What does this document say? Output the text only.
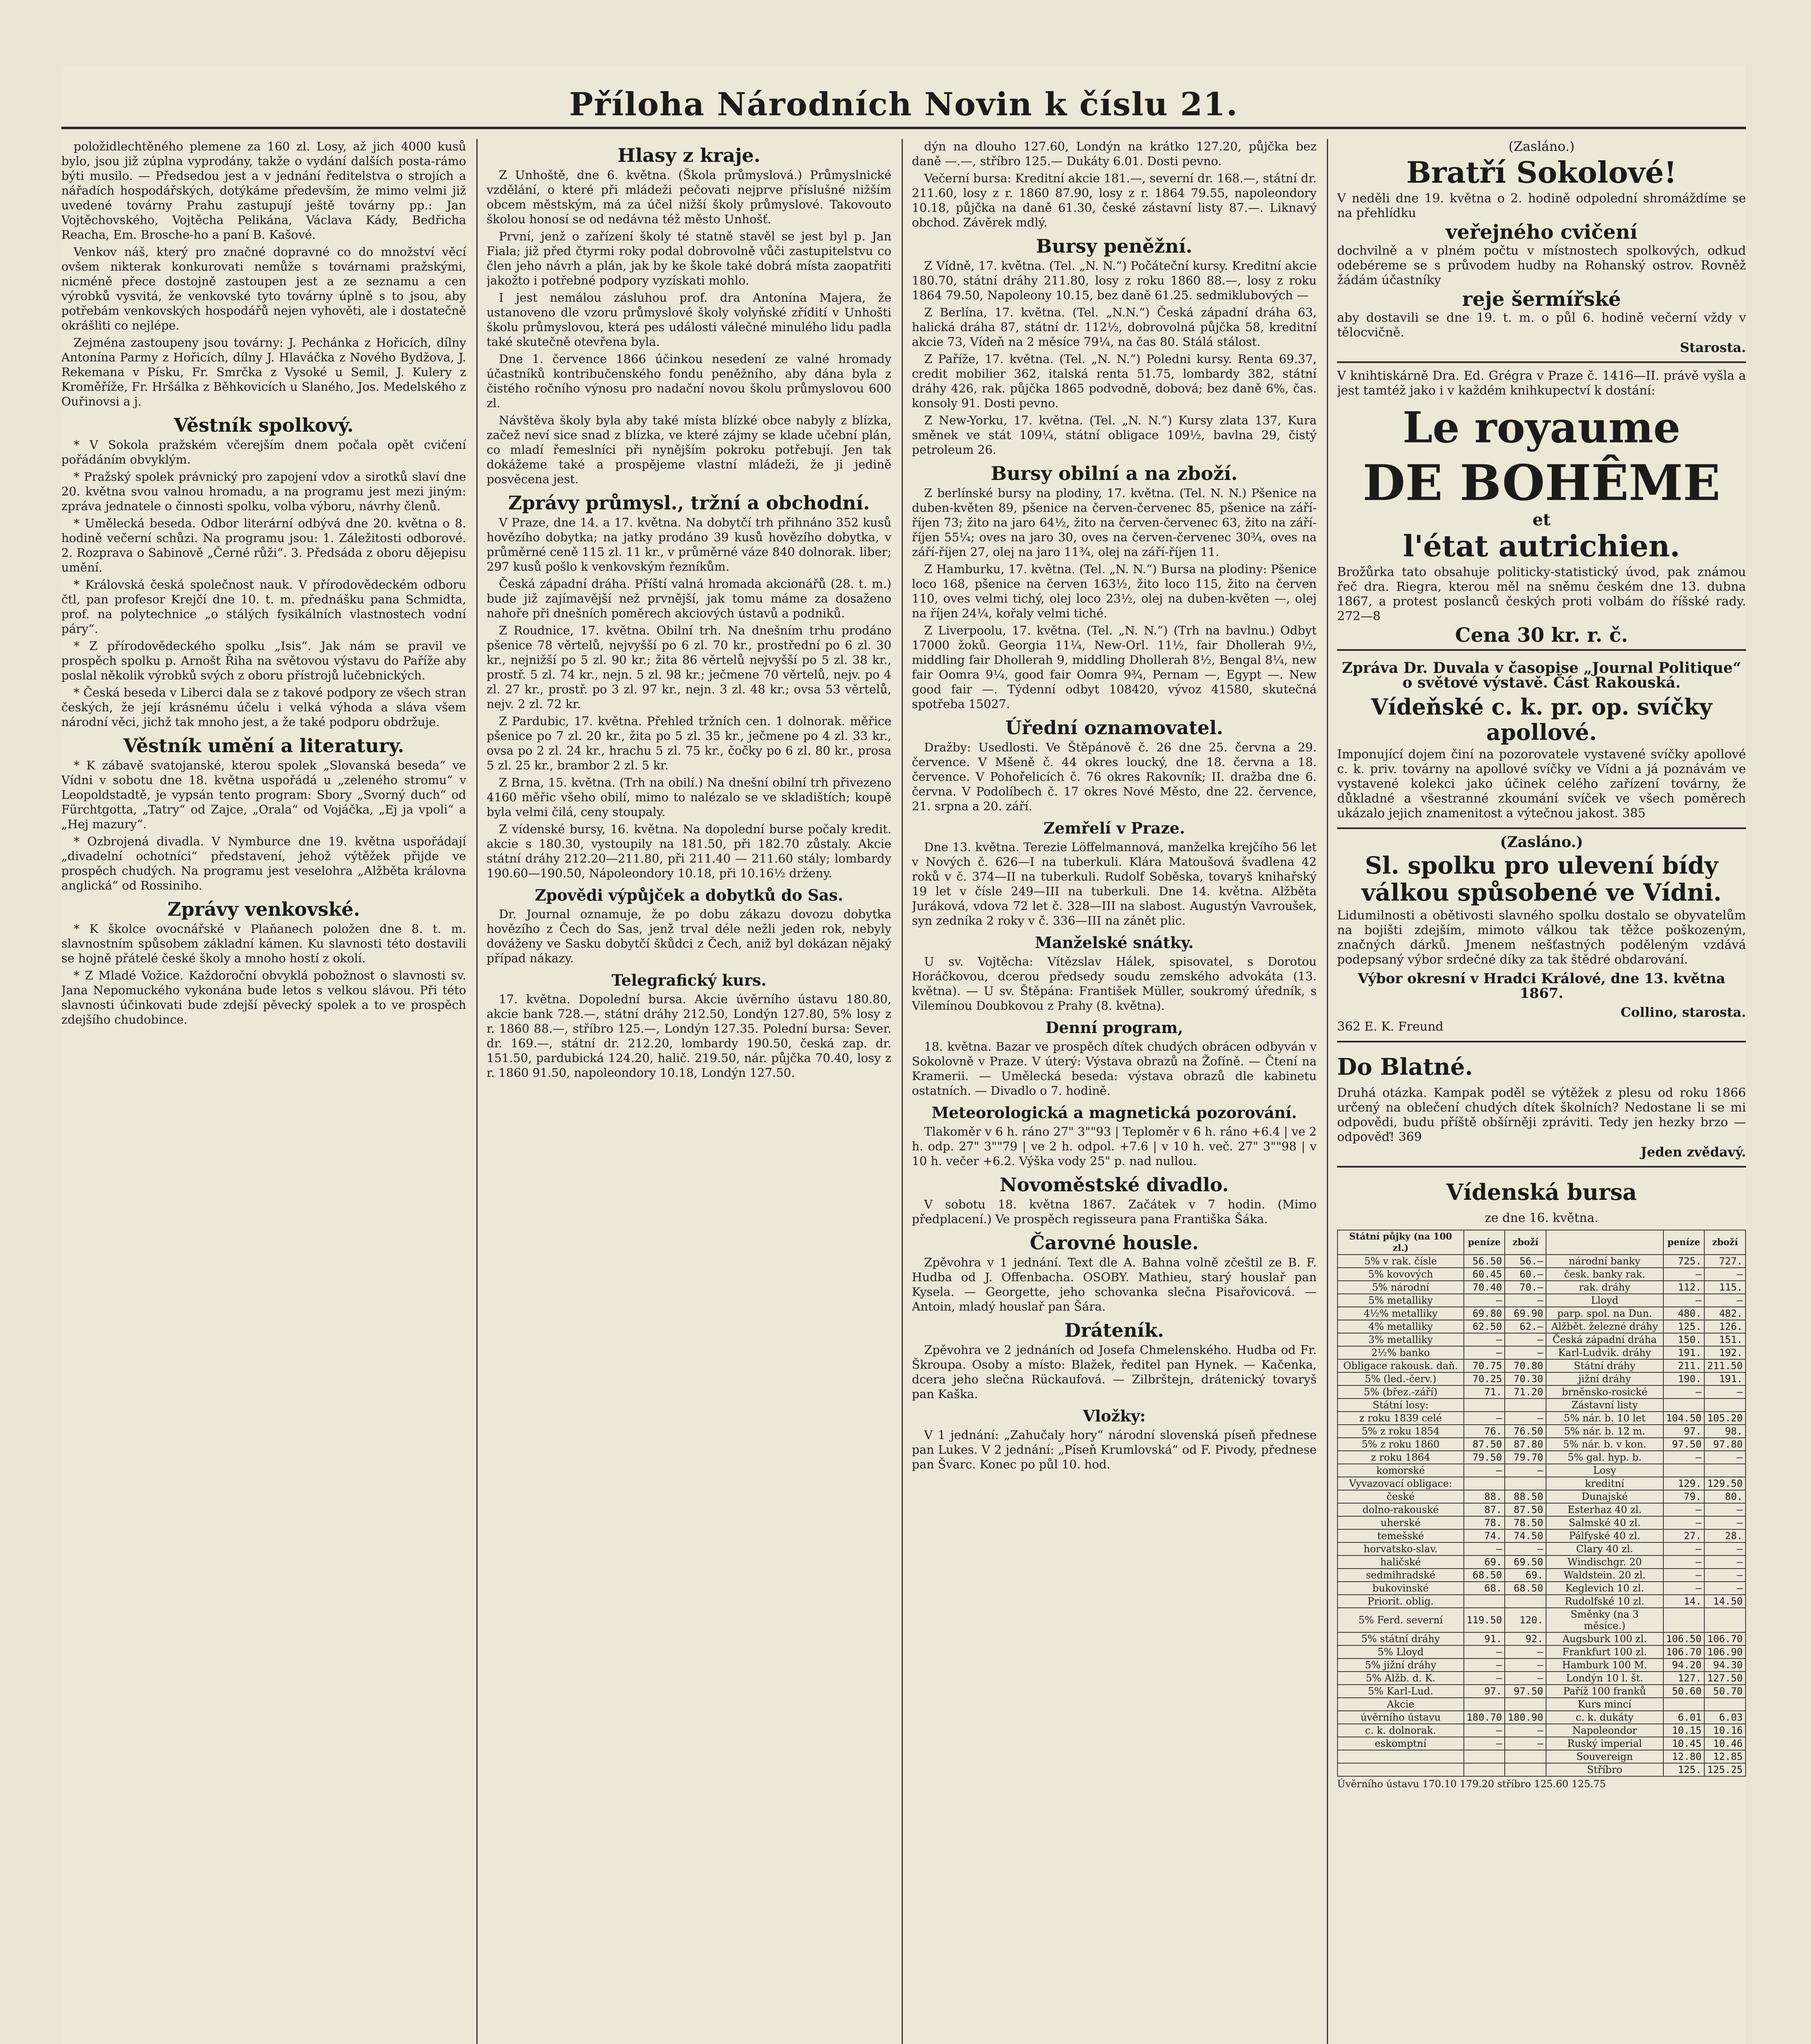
Příloha Národních Novin k číslu 21.

položidlechtěného plemene za 160 zl. Losy, až jich 4000 kusů bylo, jsou již zúplna vyprodány, takže o vydání dalších posta-rámo býti musilo. — Předsedou jest a v jednání ředitelstva o strojích a nářadích hospodářských, dotýkáme především, že mimo velmi již uvedené továrny Prahu zastupují ještě továrny pp.: Jan Vojtěchovského, Vojtěcha Pelikána, Václava Kády, Bedřicha Reacha, Em. Brosche-ho a paní B. Kašové.

Venkov náš, který pro značné dopravné co do množství věcí ovšem nikterak konkurovati nemůže s továrnami pražskými, nicméně přece dostojně zastoupen jest a ze seznamu a cen výrobků vysvitá, že venkovské tyto továrny úplně s to jsou, aby potřebám venkovských hospodářů nejen vyhověti, ale i dostatečně okrášliti co nejlépe.

Zejména zastoupeny jsou továrny: J. Pechánka z Hořicích, dílny Antonína Parmy z Hořicích, dílny J. Hlaváčka z Nového Bydžova, J. Rekemana v Písku, Fr. Smrčka z Vysoké u Semil, J. Kulery z Kroměříže, Fr. Hršálka z Běhkovicích u Slaného, Jos. Medelského z Ouřinovsi a j.

Věstník spolkový.

* V Sokola pražském včerejším dnem počala opět cvičení pořádáním obvyklým.

* Pražský spolek právnický pro zapojení vdov a sirotků slaví dne 20. května svou valnou hromadu, a na programu jest mezi jiným: zpráva jednatele o činnosti spolku, volba výboru, návrhy členů.

* Umělecká beseda. Odbor literární odbývá dne 20. května o 8. hodině večerní schůzi. Na programu jsou: 1. Záležitosti odborové. 2. Rozprava o Sabinově „Černé růži“. 3. Předsáda z oboru dějepisu umění.

* Královská česká společnost nauk. V přírodovědeckém odboru čtl, pan profesor Krejčí dne 10. t. m. přednášku pana Schmidta, prof. na polytechnice „o stálých fysikálních vlastnostech vodní páry“.

* Z přírodovědeckého spolku „Isis“. Jak nám se pravil ve prospěch spolku p. Arnošt Řiha na světovou výstavu do Paříže aby poslal několik výrobků svých z oboru přístrojů lučebnických.

* Česká beseda v Liberci dala se z takové podpory ze všech stran českých, že její krásnému účelu i velká výhoda a sláva všem národní věci, jichž tak mnoho jest, a že také podporu obdržuje.

Věstník umění a literatury.

* K zábavě svatojanské, kterou spolek „Slovanská beseda“ ve Vídni v sobotu dne 18. května uspořádá u „zeleného stromu“ v Leopoldstadtě, je vypsán tento program: Sbory „Svorný duch“ od Fürchtgotta, „Tatry“ od Zajce, „Orala“ od Vojáčka, „Ej ja vpoli“ a „Hej mazury“.

* Ozbrojená divadla. V Nymburce dne 19. května uspořádají „divadelní ochotníci“ představení, jehož výtěžek přijde ve prospěch chudých. Na programu jest veselohra „Alžběta královna anglická“ od Rossiniho.

Zprávy venkovské.

* K školce ovocnářské v Plaňanech položen dne 8. t. m. slavnostním spůsobem základní kámen. Ku slavnosti této dostavili se hojně přátelé české školy a mnoho hostí z okolí.

* Z Mladé Vožice. Každoroční obvyklá pobožnost o slavnosti sv. Jana Nepomuckého vykonána bude letos s velkou slávou. Při této slavnosti účinkovati bude zdejší pěvecký spolek a to ve prospěch zdejšího chudobince.

Hlasy z kraje.

Z Unhoště, dne 6. května. (Škola průmyslová.) Průmyslnické vzdělání, o které při mládeži pečovati nejprve příslušné nižším obcem městským, má za účel nižší školy průmyslové. Takovouto školou honosí se od nedávna též město Unhošť.

První, jenž o zařízení školy té statně stavěl se jest byl p. Jan Fiala; již před čtyrmi roky podal dobrovolně vůči zastupitelstvu co člen jeho návrh a plán, jak by ke škole také dobrá místa zaopatřiti jakožto i potřebné podpory vyzískati mohlo.

I jest nemálou zásluhou prof. dra Antonína Majera, že ustanoveno dle vzoru průmyslové školy volyňské zřídití v Unhošti školu průmyslovou, která pes události válečné minulého lidu padla také skutečně otevřena byla.

Dne 1. července 1866 účinkou nesedení ze valné hromady účastníků kontribučenského fondu peněžního, aby dána byla z čistého ročního výnosu pro nadační novou školu průmyslovou 600 zl.

Návštěva školy byla aby také místa blízké obce nabyly z blízka, začež neví sice snad z blízka, ve které zájmy se klade učební plán, co mladí řemeslníci při nynějším pokroku potřebují. Jen tak dokážeme také a prospějeme vlastní mládeži, že ji jedině posvěcena jest.

Zprávy průmysl., tržní a obchodní.

V Praze, dne 14. a 17. května. Na dobytčí trh přihnáno 352 kusů hovězího dobytka; na jatky prodáno 39 kusů hovězího dobytka, v průměrné ceně 115 zl. 11 kr., v průměrné váze 840 dolnorak. liber; 297 kusů pošlo k venkovským řezníkům.

Česká západní dráha. Příští valná hromada akcionářů (28. t. m.) bude již zajímavější než prvnější, jak tomu máme za dosaženo nahoře při dnešních poměrech akciových ústavů a podniků.

Z Roudnice, 17. května. Obilní trh. Na dnešním trhu prodáno pšenice 78 věrtelů, nejvyšší po 6 zl. 70 kr., prostřední po 6 zl. 30 kr., nejnižší po 5 zl. 90 kr.; žita 86 věrtelů nejvyšší po 5 zl. 38 kr., prostř. 5 zl. 74 kr., nejn. 5 zl. 98 kr.; ječmene 70 věrtelů, nejv. po 4 zl. 27 kr., prostř. po 3 zl. 97 kr., nejn. 3 zl. 48 kr.; ovsa 53 věrtelů, nejv. 2 zl. 72 kr.

Z Pardubic, 17. května. Přehled tržních cen. 1 dolnorak. měřice pšenice po 7 zl. 20 kr., žita po 5 zl. 35 kr., ječmene po 4 zl. 33 kr., ovsa po 2 zl. 24 kr., hrachu 5 zl. 75 kr., čočky po 6 zl. 80 kr., prosa 5 zl. 25 kr., brambor 2 zl. 5 kr.

Z Brna, 15. května. (Trh na obilí.) Na dnešní obilní trh přivezeno 4160 měřic všeho obilí, mimo to nalézalo se ve skladištích; koupě byla velmi čilá, ceny stoupaly.

Z vídenské bursy, 16. května. Na dopolední burse počaly kredit. akcie s 180.30, vystoupily na 181.50, při 182.70 zůstaly. Akcie státní dráhy 212.20—211.80, při 211.40 — 211.60 stály; lombardy 190.60—190.50, Nápoleondory 10.18, při 10.16½ drženy.

Zpovědi výpůjček a dobytků do Sas.

Dr. Journal oznamuje, že po dobu zákazu dovozu dobytka hovězího z Čech do Sas, jenž trval déle nežli jeden rok, nebyly dováženy ve Sasku dobytčí škůdci z Čech, aniž byl dokázan nějaký případ nákazy.

Telegrafický kurs.

17. května. Dopolední bursa. Akcie úvěrního ústavu 180.80, akcie bank 728.—, státní dráhy 212.50, Londýn 127.80, 5% losy z r. 1860 88.—, stříbro 125.—, Londýn 127.35. Polední bursa: Sever. dr. 169.—, státní dr. 212.20, lombardy 190.50, česká zap. dr. 151.50, pardubická 124.20, halič. 219.50, nár. půjčka 70.40, losy z r. 1860 91.50, napoleondory 10.18, Londýn 127.50.

dýn na dlouho 127.60, Londýn na krátko 127.20, půjčka bez daně —.—, stříbro 125.— Dukáty 6.01. Dosti pevno.

Večerní bursa: Kreditní akcie 181.—, severní dr. 168.—, státní dr. 211.60, losy z r. 1860 87.90, losy z r. 1864 79.55, napoleondory 10.18, půjčka na daně 61.30, české zástavní listy 87.—. Liknavý obchod. Závěrek mdlý.

Bursy peněžní.

Z Vídně, 17. května. (Tel. „N. N.“) Počáteční kursy. Kreditní akcie 180.70, státní dráhy 211.80, losy z roku 1860 88.—, losy z roku 1864 79.50, Napoleony 10.15, bez daně 61.25. sedmiklubových —

Z Berlína, 17. května. (Tel. „N.N.“) Česká západní dráha 63, halická dráha 87, státní dr. 112½, dobrovolná půjčka 58, kreditní akcie 73, Vídeň na 2 měsíce 79¼, na čas 80. Stálá stálost.

Z Paříže, 17. května. (Tel. „N. N.“) Poledni kursy. Renta 69.37, credit mobilier 362, italská renta 51.75, lombardy 382, státní dráhy 426, rak. půjčka 1865 podvodně, dobová; bez daně 6%, čas. konsoly 91. Dosti pevno.

Z New-Yorku, 17. května. (Tel. „N. N.“) Kursy zlata 137, Kura směnek ve stát 109¼, státní obligace 109½, bavlna 29, čistý petroleum 26.

Bursy obilní a na zboží.

Z berlínské bursy na plodiny, 17. května. (Tel. N. N.) Pšenice na duben-květen 89, pšenice na červen-červenec 85, pšenice na září-říjen 73; žito na jaro 64½, žito na červen-červenec 63, žito na září-říjen 55¼; oves na jaro 30, oves na červen-červenec 30¾, oves na září-říjen 27, olej na jaro 11¾, olej na září-říjen 11.

Z Hamburku, 17. května. (Tel. „N. N.“) Bursa na plodiny: Pšenice loco 168, pšenice na červen 163½, žito loco 115, žito na červen 110, oves velmi tichý, olej loco 23½, olej na duben-květen —, olej na říjen 24¼, kořaly velmi tiché.

Z Liverpoolu, 17. května. (Tel. „N. N.“) (Trh na bavlnu.) Odbyt 17000 žoků. Georgia 11¼, New-Orl. 11½, fair Dhollerah 9½, middling fair Dhollerah 9, middling Dhollerah 8½, Bengal 8¼, new fair Oomra 9¼, good fair Oomra 9¾, Pernam —, Egypt —. New good fair —. Týdenní odbyt 108420, vývoz 41580, skutečná spotřeba 15027.

Úřední oznamovatel.

Dražby: Usedlosti. Ve Štěpánově č. 26 dne 25. června a 29. července. V Mšeně č. 44 okres loucký, dne 18. června a 18. července. V Pohořelicích č. 76 okres Rakovník; II. dražba dne 6. června. V Podolíbech č. 17 okres Nové Město, dne 22. července, 21. srpna a 20. září.

Zemřelí v Praze.

Dne 13. května. Terezie Löffelmannová, manželka krejčího 56 let v Nových č. 626—I na tuberkuli. Klára Matoušová švadlena 42 roků v č. 374—II na tuberkuli. Rudolf Soběska, tovaryš knihařský 19 let v čísle 249—III na tuberkuli. Dne 14. května. Alžběta Juráková, vdova 72 let č. 328—III na slabost. Augustýn Vavroušek, syn zedníka 2 roky v č. 336—III na zánět plic.

Manželské snátky.

U sv. Vojtěcha: Vítězslav Hálek, spisovatel, s Dorotou Horáčkovou, dcerou předsedy soudu zemského advokáta (13. května). — U sv. Štěpána: František Müller, soukromý úředník, s Vilemínou Doubkovou z Prahy (8. května).

Denní program,

18. května. Bazar ve prospěch dítek chudých obrácen odbyván v Sokolovně v Praze. V úterý: Výstava obrazů na Žofíně. — Čtení na Kramerii. — Umělecká beseda: výstava obrazů dle kabinetu ostatních. — Divadlo o 7. hodině.

Meteorologická a magnetická pozorování.

Tlakoměr v 6 h. ráno 27" 3""93 | Teploměr v 6 h. ráno +6.4 | ve 2 h. odp. 27" 3""79 | ve 2 h. odpol. +7.6 | v 10 h. več. 27" 3""98 | v 10 h. večer +6.2. Výška vody 25" p. nad nullou.

Novoměstské divadlo.

V sobotu 18. května 1867. Začátek v 7 hodin. (Mimo předplacení.) Ve prospěch regisseura pana Františka Šáka.

Čarovné housle.

Zpěvohra v 1 jednání. Text dle A. Bahna volně zčeštil ze B. F. Hudba od J. Offenbacha. OSOBY. Mathieu, starý houslař pan Kysela. — Georgette, jeho schovanka slečna Pisařovicová. — Antoin, mladý houslař pan Šára.

Dráteník.

Zpěvohra ve 2 jednáních od Josefa Chmelenského. Hudba od Fr. Škroupa. Osoby a místo: Blažek, ředitel pan Hynek. — Kačenka, dcera jeho slečna Rückaufová. — Zilbrštejn, drátenický tovaryš pan Kaška.

Vložky:

V 1 jednání: „Zahučaly hory“ národní slovenská píseň přednese pan Lukes. V 2 jednání: „Píseň Krumlovská“ od F. Pivody, přednese pan Švarc. Konec po půl 10. hod.

(Zasláno.)
Bratří Sokolové!
V neděli dne 19. května o 2. hodině odpolední shromáždíme se na přehlídku
veřejného cvičení
dochvilně a v plném počtu v místnostech spolkových, odkud odebéreme se s průvodem hudby na Rohanský ostrov. Rovněž žádám účastníky
reje šermířské
aby dostavili se dne 19. t. m. o půl 6. hodině večerní vždy v tělocvičně.
Starosta.
V knihtiskárně Dra. Ed. Grégra v Praze č. 1416—II. právě vyšla a jest tamtéž jako i v každém knihkupectví k dostání:
Le royaume
DE BOHÊME
et
l'état autrichien.
Brožůrka tato obsahuje politicky-statistický úvod, pak známou řeč dra. Riegra, kterou měl na sněmu českém dne 13. dubna 1867, a protest poslanců českých proti volbám do říšské rady. 272—8
Cena 30 kr. r. č.
Zpráva Dr. Duvala v časopise „Journal Politique“ o světové výstavě. Část Rakouská.
Vídeňské c. k. pr. op. svíčky apollové.
Imponující dojem činí na pozorovatele vystavené svíčky apollové c. k. priv. továrny na apollové svíčky ve Vídni a já poznávám ve vystavené kolekci jako účinek celého zařízení továrny, že důkladné a všestranné zkoumání svíček ve všech poměrech ukázalo jejich znamenitost a výtečnou jakost. 385
(Zasláno.)
Sl. spolku pro ulevení bídy válkou spůsobené ve Vídni.
Lidumilnosti a obětivosti slavného spolku dostalo se obyvatelům na bojišti zdejším, mimoto válkou tak těžce poškozeným, značných dárků. Jmenem nešťastných poděleným vzdává podepsaný výbor srdečné díky za tak štědré obdarování.
Výbor okresní v Hradci Králové, dne 13. května 1867.
Collino, starosta.
362 E. K. Freund
Do Blatné.
Druhá otázka. Kampak poděl se výtěžek z plesu od roku 1866 určený na oblečení chudých dítek školních? Nedostane li se mi odpovědi, budu příště obšírněji zpráviti. Tedy jen hezky brzo — odpověď! 369
Jeden zvědavý.
Vídenská bursa
ze dne 16. května.
Státní půjky (na 100 zl.)	peníze	zboží		peníze	zboží
5% v rak. čísle	56.50	56.—	národní banky	725.	727.
5% kovových	60.45	60.—	česk. banky rak.	—	—
5% národní	70.40	70.—	rak. dráhy	112.	115.
5% metalliky	—	—	Lloyd	—	—
4½% metalliky	69.80	69.90	parp. spol. na Dun.	480.	482.
4% metalliky	62.50	62.—	Alžbět. železné dráhy	125.	126.
3% metalliky	—	—	Česká západní dráha	150.	151.
2½% banko	—	—	Karl-Ludvik. dráhy	191.	192.
Obligace rakousk. daň.	70.75	70.80	Státní dráhy	211.	211.50
5% (led.-červ.)	70.25	70.30	jižní dráhy	190.	191.
5% (břez.-září)	71.	71.20	brněnsko-rosické	—	—
Státní losy:			Zástavní listy		
z roku 1839 celé	—	—	5% nár. b. 10 let	104.50	105.20
5% z roku 1854	76.	76.50	5% nár. b. 12 m.	97.	98.
5% z roku 1860	87.50	87.80	5% nár. b. v kon.	97.50	97.80
z roku 1864	79.50	79.70	5% gal. hyp. b.	—	—
komorské	—	—	Losy		
Vyvazovací obligace:			kreditní	129.	129.50
české	88.	88.50	Dunajské	79.	80.
dolno-rakouské	87.	87.50	Esterhaz 40 zl.	—	—
uherské	78.	78.50	Salmské 40 zl.	—	—
temešské	74.	74.50	Pálfyské 40 zl.	27.	28.
horvatsko-slav.	—	—	Clary 40 zl.	—	—
haličské	69.	69.50	Windischgr. 20	—	—
sedmihradské	68.50	69.	Waldstein. 20 zl.	—	—
bukovinské	68.	68.50	Keglevich 10 zl.	—	—
Priorit. oblig.			Rudolfské 10 zl.	14.	14.50
5% Ferd. severní	119.50	120.	Směnky (na 3 měsíce.)		
5% státní dráhy	91.	92.	Augsburk 100 zl.	106.50	106.70
5% Lloyd	—	—	Frankfurt 100 zl.	106.70	106.90
5% jižní dráhy	—	—	Hamburk 100 M.	94.20	94.30
5% Alžb. d. K.	—	—	Londýn 10 l. št.	127.	127.50
5% Karl-Lud.	97.	97.50	Paříž 100 franků	50.60	50.70
Akcie			Kurs mincí		
úvěrního ústavu	180.70	180.90	c. k. dukáty	6.01	6.03
c. k. dolnorak.	—	—	Napoleondor	10.15	10.16
eskomptní	—	—	Ruský imperial	10.45	10.46
			Souvereign	12.80	12.85
			Stříbro	125.	125.25
Úvěrního ústavu 170.10 179.20 stříbro 125.60 125.75
